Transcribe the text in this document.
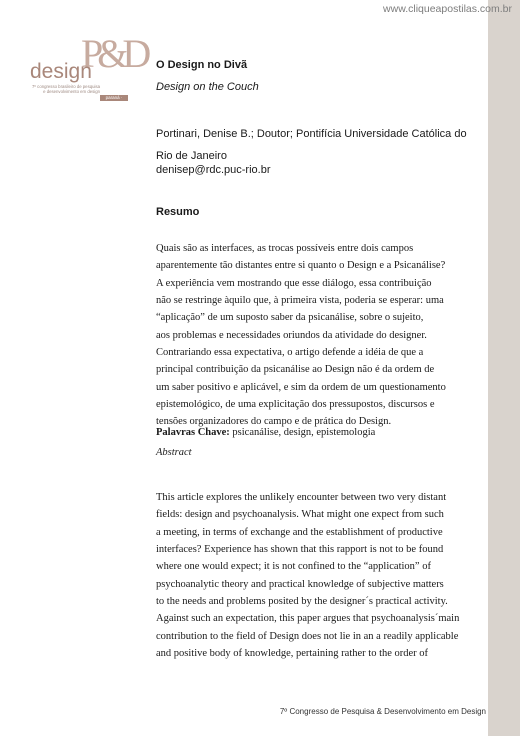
www.cliqueapostilas.com.br
P&D
design
7º congresso brasileiro de pesquisa e desenvolvimento em design
paraná · 2006

O Design no Divã

Design on the Couch

Portinari, Denise B.; Doutor; Pontifícia Universidade Católica do Rio de Janeiro

denisep@rdc.puc-rio.br

Resumo

Quais são as interfaces, as trocas possíveis entre dois campos
aparentemente tão distantes entre si quanto o Design e a Psicanálise?
A experiência vem mostrando que esse diálogo, essa contribuição
não se restringe àquilo que, à primeira vista, poderia se esperar: uma
“aplicação” de um suposto saber da psicanálise, sobre o sujeito,
aos problemas e necessidades oriundos da atividade do designer.
Contrariando essa expectativa, o artigo defende a idéia de que a
principal contribuição da psicanálise ao Design não é da ordem de
um saber positivo e aplicável, e sim da ordem de um questionamento
epistemológico, de uma explicitação dos pressupostos, discursos e
tensões organizadores do campo e de prática do Design.

Palavras Chave: psicanálise, design, epistemologia

Abstract

This article explores the unlikely encounter between two very distant
fields: design and psychoanalysis. What might one expect from such
a meeting, in terms of exchange and the establishment of productive
interfaces? Experience has shown that this rapport is not to be found
where one would expect; it is not confined to the “application” of
psychoanalytic theory and practical knowledge of subjective matters
to the needs and problems posited by the designer´s practical activity.
Against such an expectation, this paper argues that psychoanalysis´main
contribution to the field of Design does not lie in an a readily applicable
and positive body of knowledge, pertaining rather to the order of
7º Congresso de Pesquisa & Desenvolvimento em Design
